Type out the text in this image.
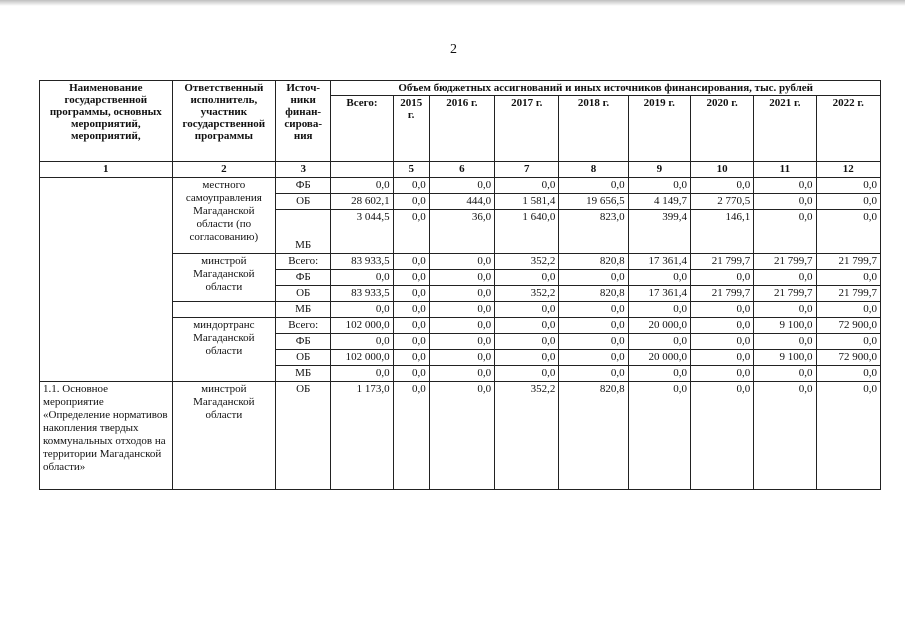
2
Наименование государственной программы, основных мероприятий, мероприятий,	Ответственный исполнитель, участник государственной программы	Источ-ники финан-сирова-ния	Объем бюджетных ассигнований и иных источников финансирования, тыс. рублей								
			Всего:	2015 г.	2016 г.	2017 г.	2018 г.	2019 г.	2020 г.	2021 г.	2022 г.
1	2	3		5	6	7	8	9	10	11	12
	местного самоуправления Магаданской области (по согласованию)	ФБ	0,0	0,0	0,0	0,0	0,0	0,0	0,0	0,0	0,0
		ОБ	28 602,1	0,0	444,0	1 581,4	19 656,5	4 149,7	2 770,5	0,0	0,0
		МБ	3 044,5	0,0	36,0	1 640,0	823,0	399,4	146,1	0,0	0,0
	минстрой Магаданской области	Всего:	83 933,5	0,0	0,0	352,2	820,8	17 361,4	21 799,7	21 799,7	21 799,7
		ФБ	0,0	0,0	0,0	0,0	0,0	0,0	0,0	0,0	0,0
		ОБ	83 933,5	0,0	0,0	352,2	820,8	17 361,4	21 799,7	21 799,7	21 799,7
		МБ	0,0	0,0	0,0	0,0	0,0	0,0	0,0	0,0	0,0
	миндортранс Магаданской области	Всего:	102 000,0	0,0	0,0	0,0	0,0	20 000,0	0,0	9 100,0	72 900,0
		ФБ	0,0	0,0	0,0	0,0	0,0	0,0	0,0	0,0	0,0
		ОБ	102 000,0	0,0	0,0	0,0	0,0	20 000,0	0,0	9 100,0	72 900,0
		МБ	0,0	0,0	0,0	0,0	0,0	0,0	0,0	0,0	0,0
1.1. Основное мероприятие «Определение нормативов накопления твердых коммунальных отходов на территории Магаданской области»	минстрой Магаданской области	ОБ	1 173,0	0,0	0,0	352,2	820,8	0,0	0,0	0,0	0,0
